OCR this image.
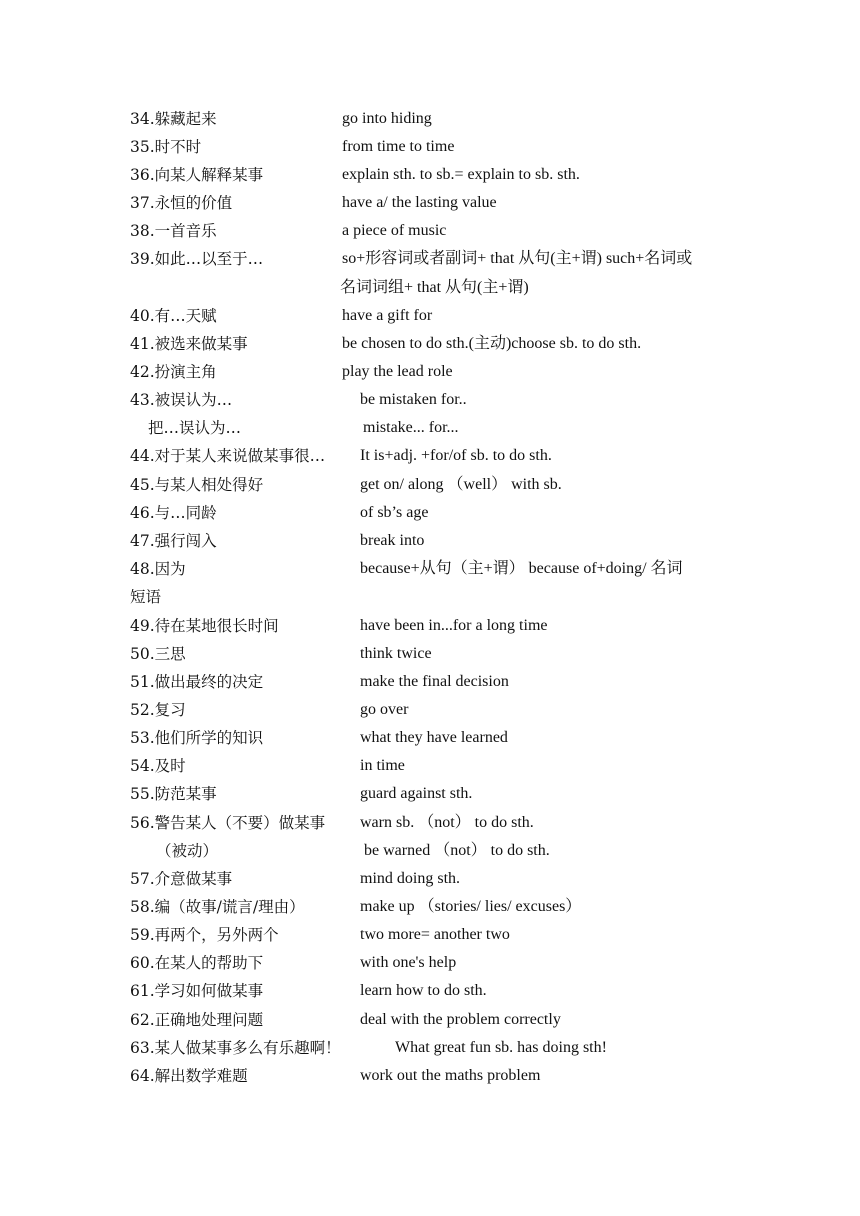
34.躲藏起来	go into hiding
35.时不时	from time to time
36.向某人解释某事	explain sth. to sb.= explain to sb. sth.
37.永恒的价值	have a/ the lasting value
38.一首音乐	a piece of music
39.如此…以至于…	so+形容词或者副词+ that 从句(主+谓) such+名词或
名词词组+ that 从句(主+谓)
40.有…天赋	have a gift for
41.被选来做某事	be chosen to do sth.(主动)choose sb. to do sth.
42.扮演主角	play the lead role
43.被误认为…	be mistaken for..
把…误认为…	mistake... for...
44.对于某人来说做某事很… It is+adj. +for/of sb. to do sth.
45.与某人相处得好	get on/ along （well） with sb.
46.与…同龄	of sb’s age
47.强行闯入	break into
48.因为	because+从句（主+谓） because of+doing/ 名词
短语
49.待在某地很长时间	have been in...for a long time
50.三思	think twice
51.做出最终的决定	make the final decision
52.复习	go over
53.他们所学的知识	what they have learned
54.及时	in time
55.防范某事	guard against sth.
56.警告某人（不要）做某事 warn sb. （not） to do sth.
（被动）	be warned （not） to do sth.
57.介意做某事	mind doing sth.
58.编（故事/谎言/理由）	make up （stories/ lies/ excuses）
59.再两个，另外两个	two more= another two
60.在某人的帮助下	with one's help
61.学习如何做某事	learn how to do sth.
62.正确地处理问题	deal with the problem correctly
63.某人做某事多么有乐趣啊！	What great fun sb. has doing sth!
64.解出数学难题	work out the maths problem
